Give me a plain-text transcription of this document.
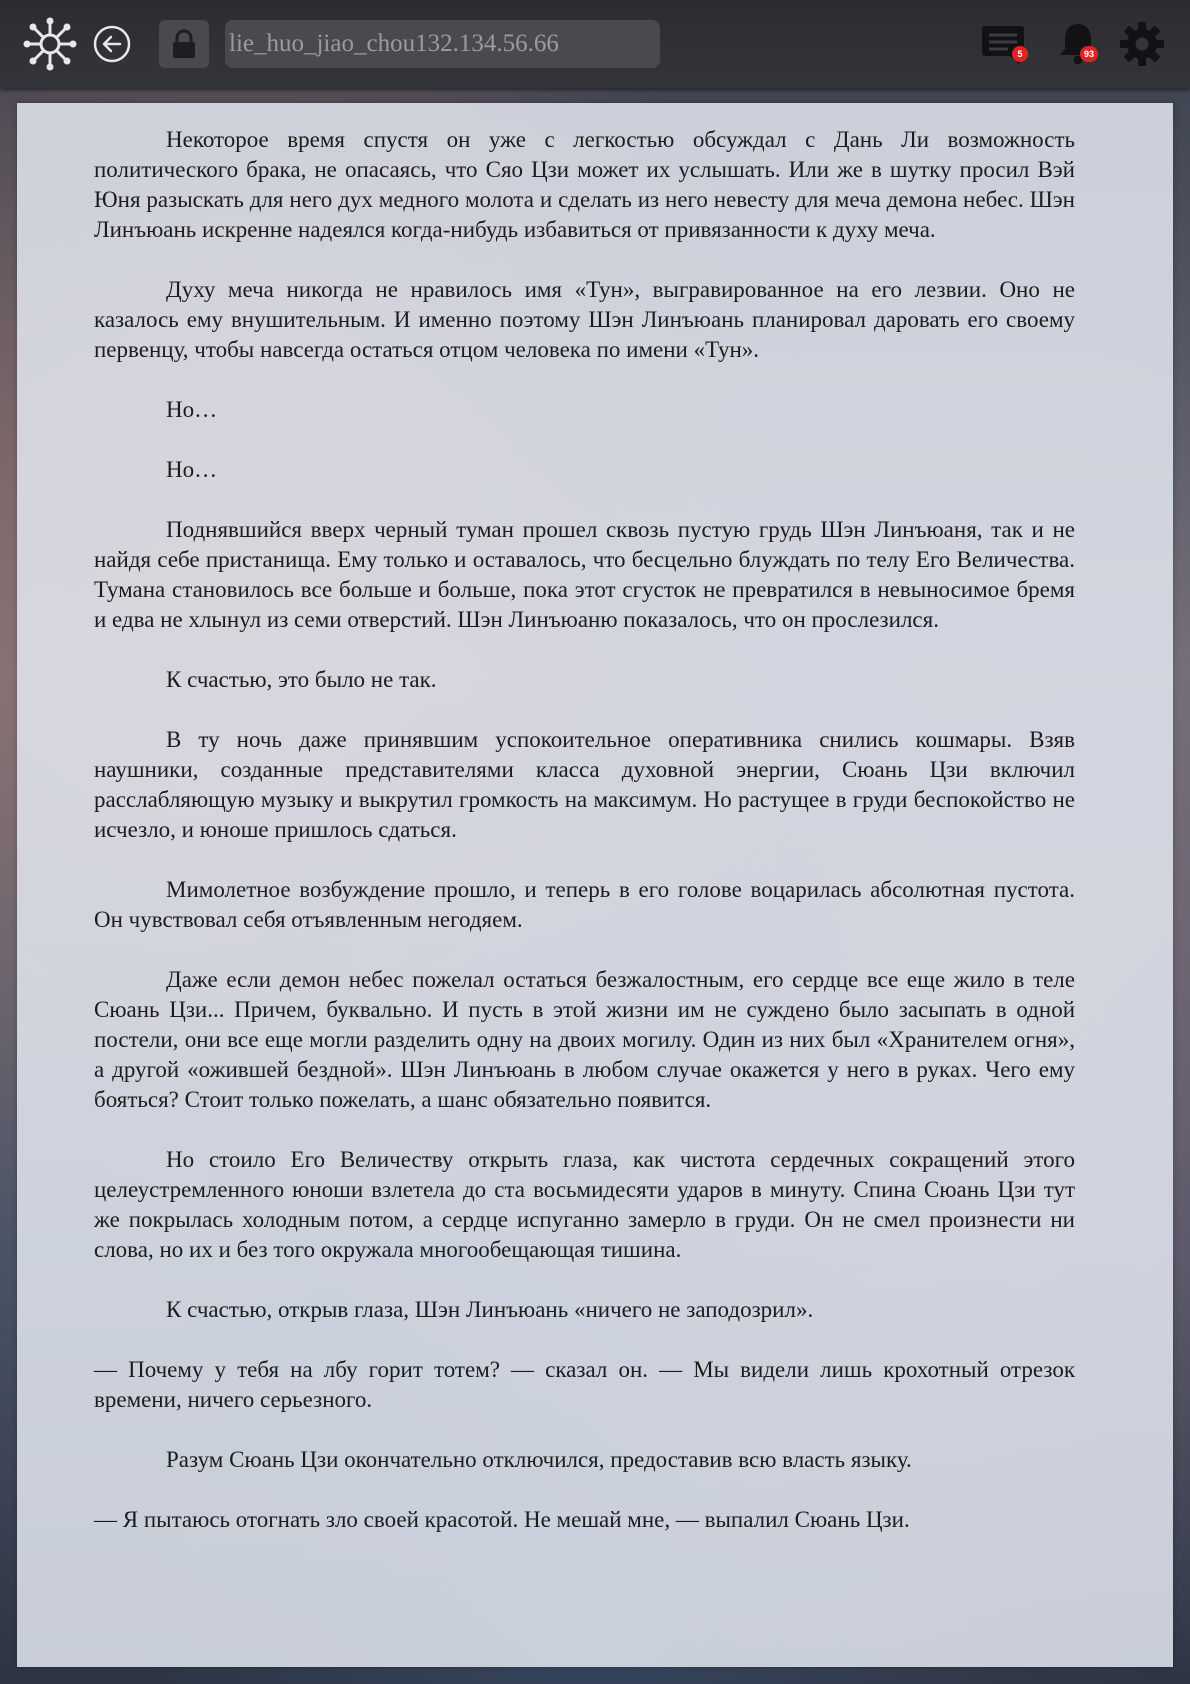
lie_huo_jiao_chou132.134.56.66	5	93

Некоторое время спустя он уже с легкостью обсуждал с Дань Ли возможность политического брака, не опасаясь, что Сяо Цзи может их услышать. Или же в шутку просил Вэй Юня разыскать для него дух медного молота и сделать из него невесту для меча демона небес. Шэн Линъюань искренне надеялся когда-нибудь избавиться от привязанности к духу меча.

Духу меча никогда не нравилось имя «Тун», выгравированное на его лезвии. Оно не казалось ему внушительным. И именно поэтому Шэн Линъюань планировал даровать его своему первенцу, чтобы навсегда остаться отцом человека по имени «Тун».

Но…

Но…

Поднявшийся вверх черный туман прошел сквозь пустую грудь Шэн Линъюаня, так и не найдя себе пристанища. Ему только и оставалось, что бесцельно блуждать по телу Его Величества. Тумана становилось все больше и больше, пока этот сгусток не превратился в невыносимое бремя и едва не хлынул из семи отверстий. Шэн Линъюаню показалось, что он прослезился.

К счастью, это было не так.

В ту ночь даже принявшим успокоительное оперативника снились кошмары. Взяв наушники, созданные представителями класса духовной энергии, Сюань Цзи включил расслабляющую музыку и выкрутил громкость на максимум. Но растущее в груди беспокойство не исчезло, и юноше пришлось сдаться.

Мимолетное возбуждение прошло, и теперь в его голове воцарилась абсолютная пустота. Он чувствовал себя отъявленным негодяем.

Даже если демон небес пожелал остаться безжалостным, его сердце все еще жило в теле Сюань Цзи... Причем, буквально. И пусть в этой жизни им не суждено было засыпать в одной постели, они все еще могли разделить одну на двоих могилу. Один из них был «Хранителем огня», а другой «ожившей бездной». Шэн Линъюань в любом случае окажется у него в руках. Чего ему бояться? Стоит только пожелать, а шанс обязательно появится.

Но стоило Его Величеству открыть глаза, как чистота сердечных сокращений этого целеустремленного юноши взлетела до ста восьмидесяти ударов в минуту. Спина Сюань Цзи тут же покрылась холодным потом, а сердце испуганно замерло в груди. Он не смел произнести ни слова, но их и без того окружала многообещающая тишина.

К счастью, открыв глаза, Шэн Линъюань «ничего не заподозрил».

— Почему у тебя на лбу горит тотем? — сказал он. — Мы видели лишь крохотный отрезок времени, ничего серьезного.

Разум Сюань Цзи окончательно отключился, предоставив всю власть языку.

— Я пытаюсь отогнать зло своей красотой. Не мешай мне, — выпалил Сюань Цзи.
